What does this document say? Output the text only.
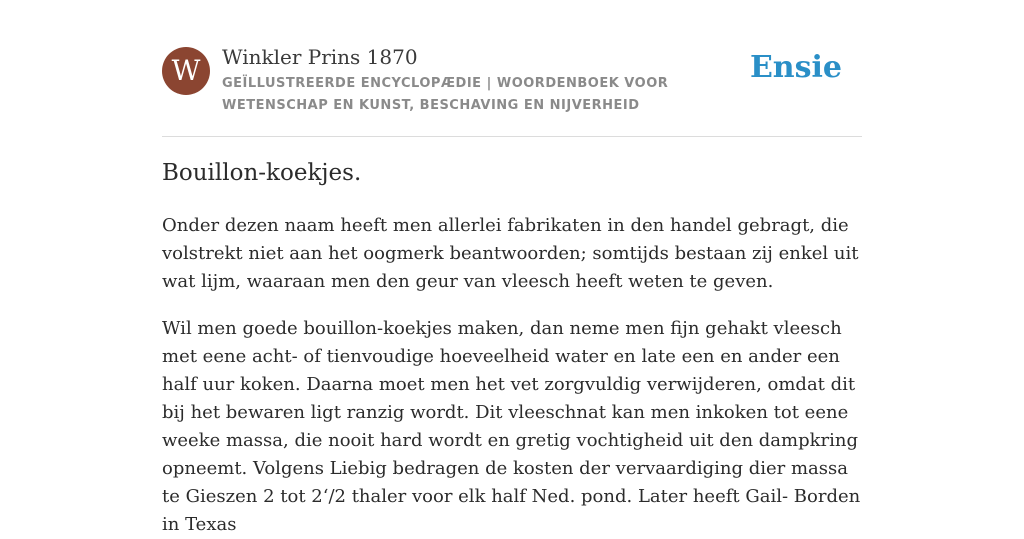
W	Winkler Prins 1870
GEÏLLUSTREERDE ENCYCLOPÆDIE | WOORDENBOEK VOOR WETENSCHAP EN KUNST, BESCHAVING EN NIJVERHEID
Ensie
Bouillon-koekjes.

Onder dezen naam heeft men allerlei fabrikaten in den handel gebragt, die volstrekt niet aan het oogmerk beantwoorden; somtijds bestaan zij enkel uit wat lijm, waaraan men den geur van vleesch heeft weten te geven.

Wil men goede bouillon-koekjes maken, dan neme men fijn gehakt vleesch met eene acht- of tienvoudige hoeveelheid water en late een en ander een half uur koken. Daarna moet men het vet zorgvuldig verwijderen, omdat dit bij het bewaren ligt ranzig wordt. Dit vleeschnat kan men inkoken tot eene weeke massa, die nooit hard wordt en gretig vochtigheid uit den dampkring opneemt. Volgens Liebig bedragen de kosten der vervaardiging dier massa te Gieszen 2 tot 2‘/2 thaler voor elk half Ned. pond. Later heeft Gail- Borden in Texas
